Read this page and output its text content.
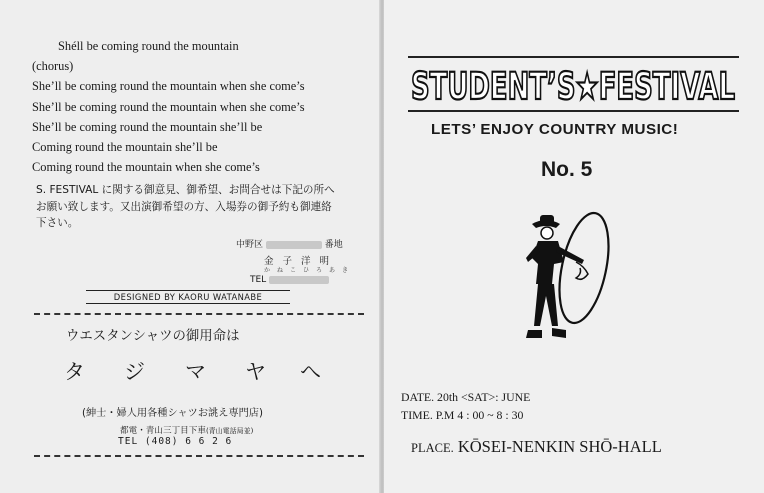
Shéll be coming round the mountain
(chorus)
She’ll be coming round the mountain when she come’s
She’ll be coming round the mountain when she come’s
She’ll be coming round the mountain she’ll be
Coming round the mountain she’ll be
Coming round the mountain when she come’s
S. FESTIVAL に関する御意見、御希望、お問合せは下記の所へ
お願い致します。又出演御希望の方、入場券の御予約も御連絡
下さい。
中野区	番地
金子洋明
かねこひろあき
TEL
DESIGNED BY KAORU WATANABE
ウエスタンシャツの御用命は
タ ジ マ ヤ へ
(紳士・婦人用各種シャツお誂え専門店)
都電・青山三丁目下車(青山電話局並)
TEL (408) 6 6 2 6
STUDENT’S★FESTIVAL
LETS’ ENJOY COUNTRY MUSIC!
No. 5
DATE. 20th <SAT>: JUNE
TIME. P.M 4 : 00 ~ 8 : 30
PLACE. KŌSEI-NENKIN SHŌ-HALL
